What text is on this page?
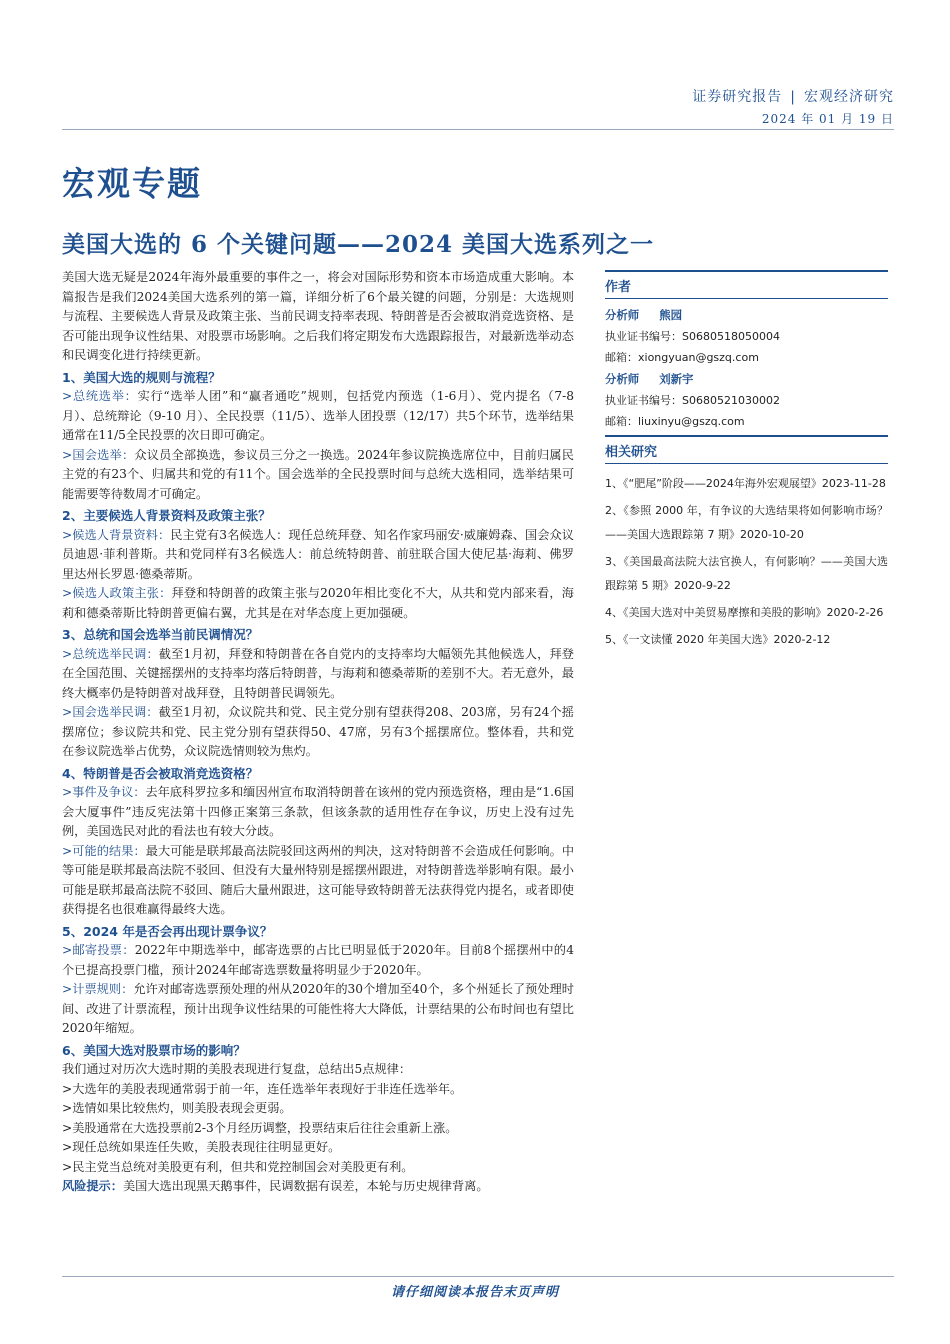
证券研究报告 | 宏观经济研究
2024 年 01 月 19 日
宏观专题
美国大选的 6 个关键问题——2024 美国大选系列之一

美国大选无疑是2024年海外最重要的事件之一，将会对国际形势和资本市场造成重大影响。本篇报告是我们2024美国大选系列的第一篇，详细分析了6个最关键的问题，分别是：大选规则与流程、主要候选人背景及政策主张、当前民调支持率表现、特朗普是否会被取消竞选资格、是否可能出现争议性结果、对股票市场影响。之后我们将定期发布大选跟踪报告，对最新选举动态和民调变化进行持续更新。

1、美国大选的规则与流程？

>总统选举：实行“选举人团”和“赢者通吃”规则，包括党内预选（1-6月）、党内提名（7-8 月）、总统辩论（9-10 月）、全民投票（11/5）、选举人团投票（12/17）共5个环节，选举结果通常在11/5全民投票的次日即可确定。

>国会选举：众议员全部换选，参议员三分之一换选。2024年参议院换选席位中，目前归属民主党的有23个、归属共和党的有11个。国会选举的全民投票时间与总统大选相同，选举结果可能需要等待数周才可确定。

2、主要候选人背景资料及政策主张？

>候选人背景资料：民主党有3名候选人：现任总统拜登、知名作家玛丽安·威廉姆森、国会众议员迪恩·菲利普斯。共和党同样有3名候选人：前总统特朗普、前驻联合国大使尼基·海莉、佛罗里达州长罗恩·德桑蒂斯。

>候选人政策主张：拜登和特朗普的政策主张与2020年相比变化不大，从共和党内部来看，海莉和德桑蒂斯比特朗普更偏右翼，尤其是在对华态度上更加强硬。

3、总统和国会选举当前民调情况？

>总统选举民调：截至1月初，拜登和特朗普在各自党内的支持率均大幅领先其他候选人，拜登在全国范围、关键摇摆州的支持率均落后特朗普，与海莉和德桑蒂斯的差别不大。若无意外，最终大概率仍是特朗普对战拜登，且特朗普民调领先。

>国会选举民调：截至1月初，众议院共和党、民主党分别有望获得208、203席，另有24个摇摆席位；参议院共和党、民主党分别有望获得50、47席，另有3个摇摆席位。整体看，共和党在参议院选举占优势，众议院选情则较为焦灼。

4、特朗普是否会被取消竞选资格？

>事件及争议：去年底科罗拉多和缅因州宣布取消特朗普在该州的党内预选资格，理由是“1.6国会大厦事件”违反宪法第十四修正案第三条款，但该条款的适用性存在争议，历史上没有过先例，美国选民对此的看法也有较大分歧。

>可能的结果：最大可能是联邦最高法院驳回这两州的判决，这对特朗普不会造成任何影响。中等可能是联邦最高法院不驳回、但没有大量州特别是摇摆州跟进，对特朗普选举影响有限。最小可能是联邦最高法院不驳回、随后大量州跟进，这可能导致特朗普无法获得党内提名，或者即使获得提名也很难赢得最终大选。

5、2024 年是否会再出现计票争议？

>邮寄投票：2022年中期选举中，邮寄选票的占比已明显低于2020年。目前8个摇摆州中的4个已提高投票门槛，预计2024年邮寄选票数量将明显少于2020年。

>计票规则：允许对邮寄选票预处理的州从2020年的30个增加至40个，多个州延长了预处理时间、改进了计票流程，预计出现争议性结果的可能性将大大降低，计票结果的公布时间也有望比2020年缩短。

6、美国大选对股票市场的影响？

我们通过对历次大选时期的美股表现进行复盘，总结出5点规律：

>大选年的美股表现通常弱于前一年，连任选举年表现好于非连任选举年。

>选情如果比较焦灼，则美股表现会更弱。

>美股通常在大选投票前2-3个月经历调整，投票结束后往往会重新上涨。

>现任总统如果连任失败，美股表现往往明显更好。

>民主党当总统对美股更有利，但共和党控制国会对美股更有利。

风险提示：美国大选出现黑天鹅事件，民调数据有误差，本轮与历史规律背离。

作者
分析师 熊园
执业证书编号：S0680518050004
邮箱：xiongyuan@gszq.com
分析师 刘新宇
执业证书编号：S0680521030002
邮箱：liuxinyu@gszq.com
相关研究
1、《“肥尾”阶段——2024年海外宏观展望》2023-11-28
2、《参照 2000 年，有争议的大选结果将如何影响市场？——美国大选跟踪第 7 期》2020-10-20
3、《美国最高法院大法官换人，有何影响？——美国大选跟踪第 5 期》2020-9-22
4、《美国大选对中美贸易摩擦和美股的影响》2020-2-26
5、《一文读懂 2020 年美国大选》2020-2-12
请仔细阅读本报告末页声明
